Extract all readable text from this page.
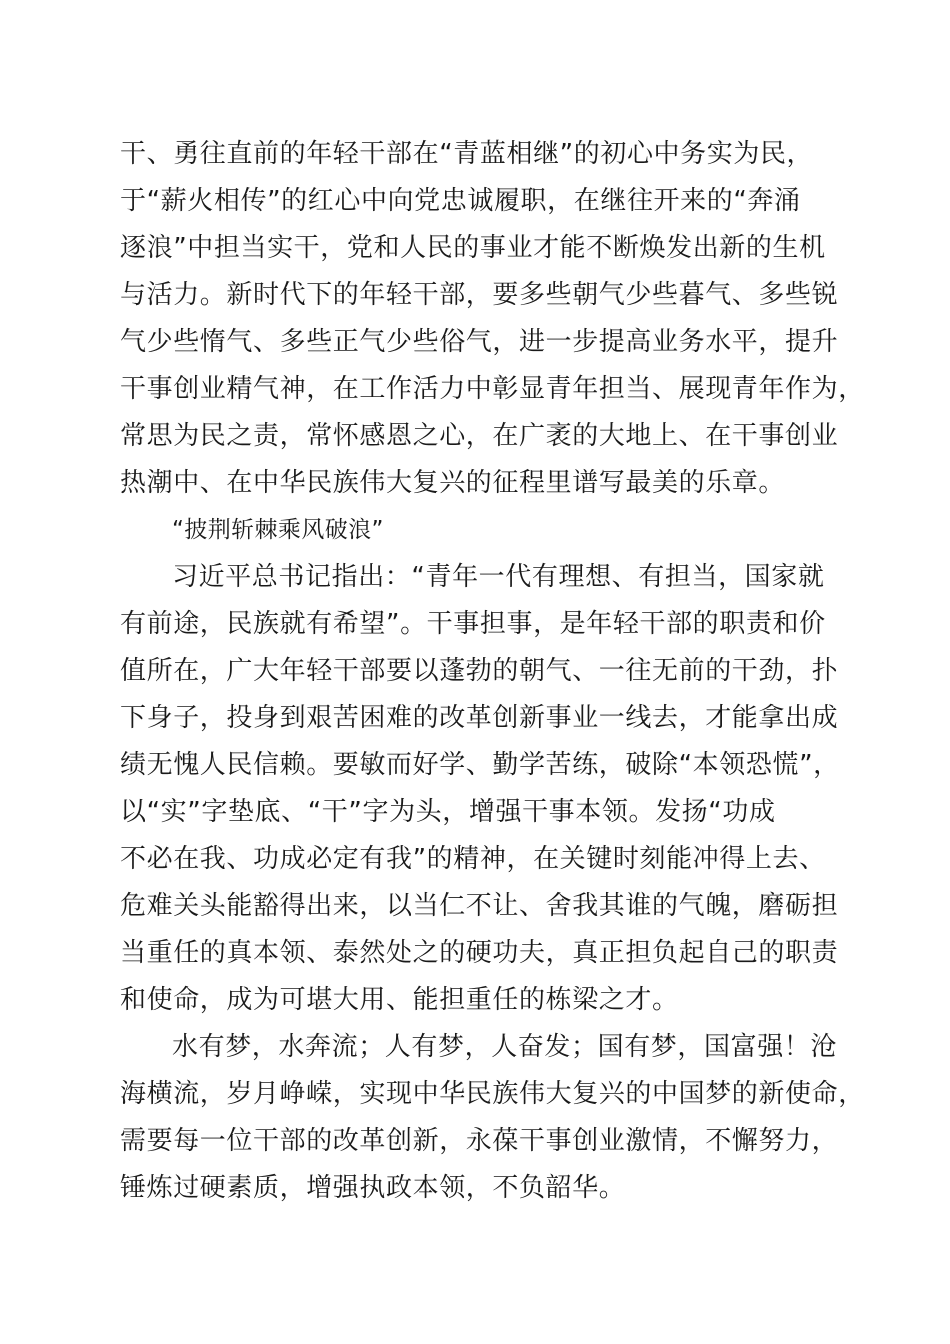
干、勇往直前的年轻干部在“青蓝相继”的初心中务实为民，
于“薪火相传”的红心中向党忠诚履职，在继往开来的“奔涌
逐浪”中担当实干，党和人民的事业才能不断焕发出新的生机
与活力。新时代下的年轻干部，要多些朝气少些暮气、多些锐
气少些惰气、多些正气少些俗气，进一步提高业务水平，提升
干事创业精气神，在工作活力中彰显青年担当、展现青年作为，
常思为民之责，常怀感恩之心，在广袤的大地上、在干事创业
热潮中、在中华民族伟大复兴的征程里谱写最美的乐章。
“披荆斩棘乘风破浪”
习近平总书记指出：“青年一代有理想、有担当，国家就
有前途，民族就有希望”。干事担事，是年轻干部的职责和价
值所在，广大年轻干部要以蓬勃的朝气、一往无前的干劲，扑
下身子，投身到艰苦困难的改革创新事业一线去，才能拿出成
绩无愧人民信赖。要敏而好学、勤学苦练，破除“本领恐慌”，
以“实”字垫底、“干”字为头，增强干事本领。发扬“功成
不必在我、功成必定有我”的精神，在关键时刻能冲得上去、
危难关头能豁得出来，以当仁不让、舍我其谁的气魄，磨砺担
当重任的真本领、泰然处之的硬功夫，真正担负起自己的职责
和使命，成为可堪大用、能担重任的栋梁之才。
水有梦，水奔流；人有梦，人奋发；国有梦，国富强！沧
海横流，岁月峥嵘，实现中华民族伟大复兴的中国梦的新使命，
需要每一位干部的改革创新，永葆干事创业激情，不懈努力，
锤炼过硬素质，增强执政本领，不负韶华。
